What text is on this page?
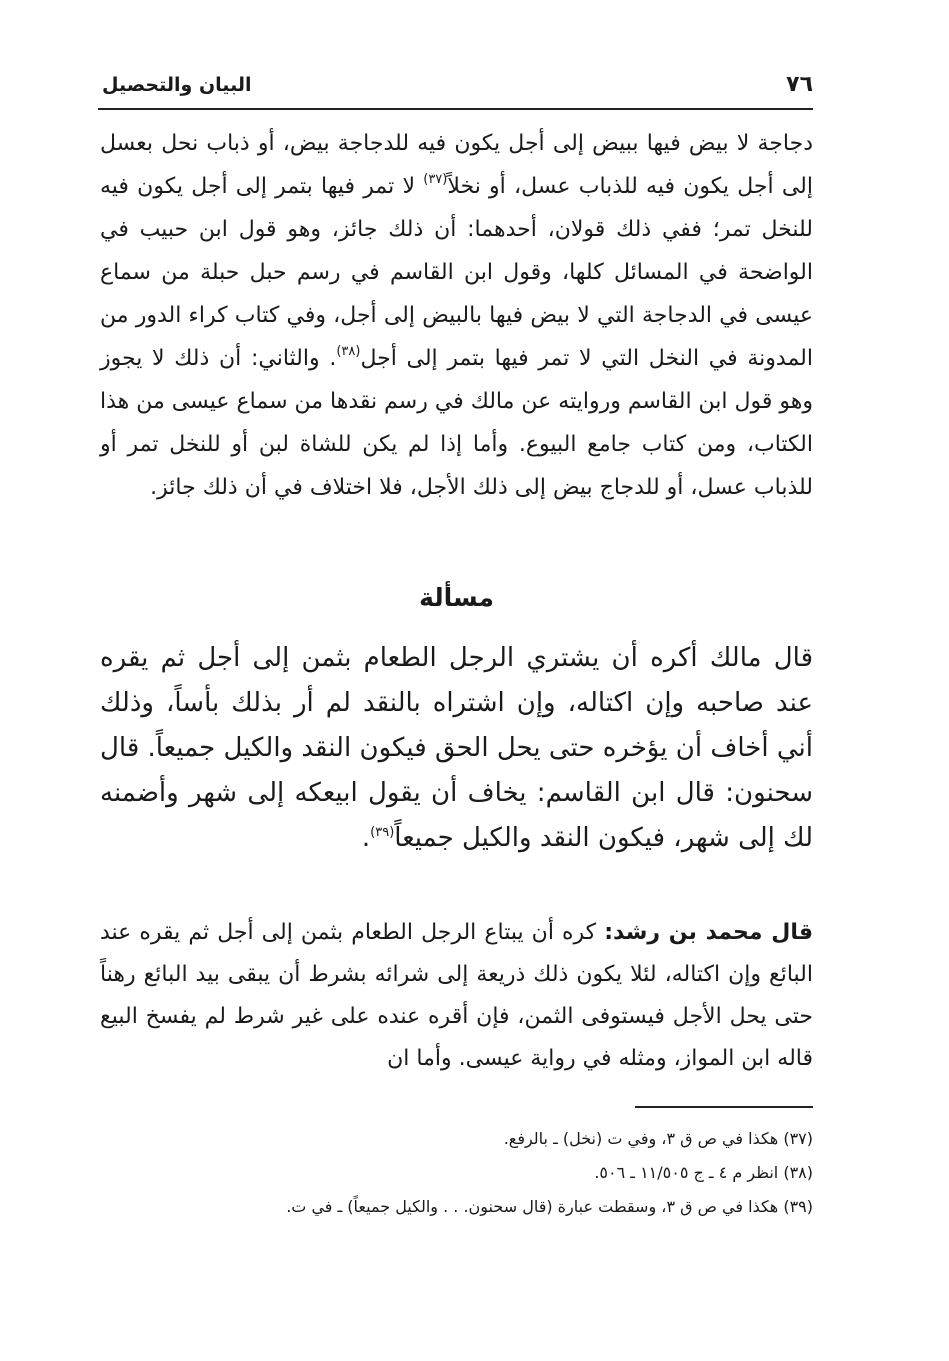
٧٦
البيان والتحصيل

دجاجة لا بيض فيها ببيض إلى أجل يكون فيه للدجاجة بيض، أو ذباب نحل بعسل إلى أجل يكون فيه للذباب عسل، أو نخلاً$^{(٣٧)}$ لا تمر فيها بتمر إلى أجل يكون فيه للنخل تمر؛ ففي ذلك قولان، أحدهما: أن ذلك جائز، وهو قول ابن حبيب في الواضحة في المسائل كلها، وقول ابن القاسم في رسم حبل حبلة من سماع عيسى في الدجاجة التي لا بيض فيها بالبيض إلى أجل، وفي كتاب كراء الدور من المدونة في النخل التي لا تمر فيها بتمر إلى أجل$^{(٣٨)}$. والثاني: أن ذلك لا يجوز وهو قول ابن القاسم وروايته عن مالك في رسم نقدها من سماع عيسى من هذا الكتاب، ومن كتاب جامع البيوع. وأما إذا لم يكن للشاة لبن أو للنخل تمر أو للذباب عسل، أو للدجاج بيض إلى ذلك الأجل، فلا اختلاف في أن ذلك جائز.

مسألة

قال مالك أكره أن يشتري الرجل الطعام بثمن إلى أجل ثم يقره عند صاحبه وإن اكتاله، وإن اشتراه بالنقد لم أر بذلك بأساً، وذلك أني أخاف أن يؤخره حتى يحل الحق فيكون النقد والكيل جميعاً. قال سحنون: قال ابن القاسم: يخاف أن يقول ابيعكه إلى شهر وأضمنه لك إلى شهر، فيكون النقد والكيل جميعاً$^{(٣٩)}$.

قال محمد بن رشد: كره أن يبتاع الرجل الطعام بثمن إلى أجل ثم يقره عند البائع وإن اكتاله، لئلا يكون ذلك ذريعة إلى شرائه بشرط أن يبقى بيد البائع رهناً حتى يحل الأجل فيستوفى الثمن، فإن أقره عنده على غير شرط لم يفسخ البيع قاله ابن المواز، ومثله في رواية عيسى. وأما ان

(٣٧) هكذا في ص ق ٣، وفي ت (نخل) ـ بالرفع.
(٣٨) انظر م ٤ ـ ج ١١/٥٠٥ ـ ٥٠٦.
(٣٩) هكذا في ص ق ٣، وسقطت عبارة (قال سحنون. . . والكيل جميعاً) ـ في ت.
